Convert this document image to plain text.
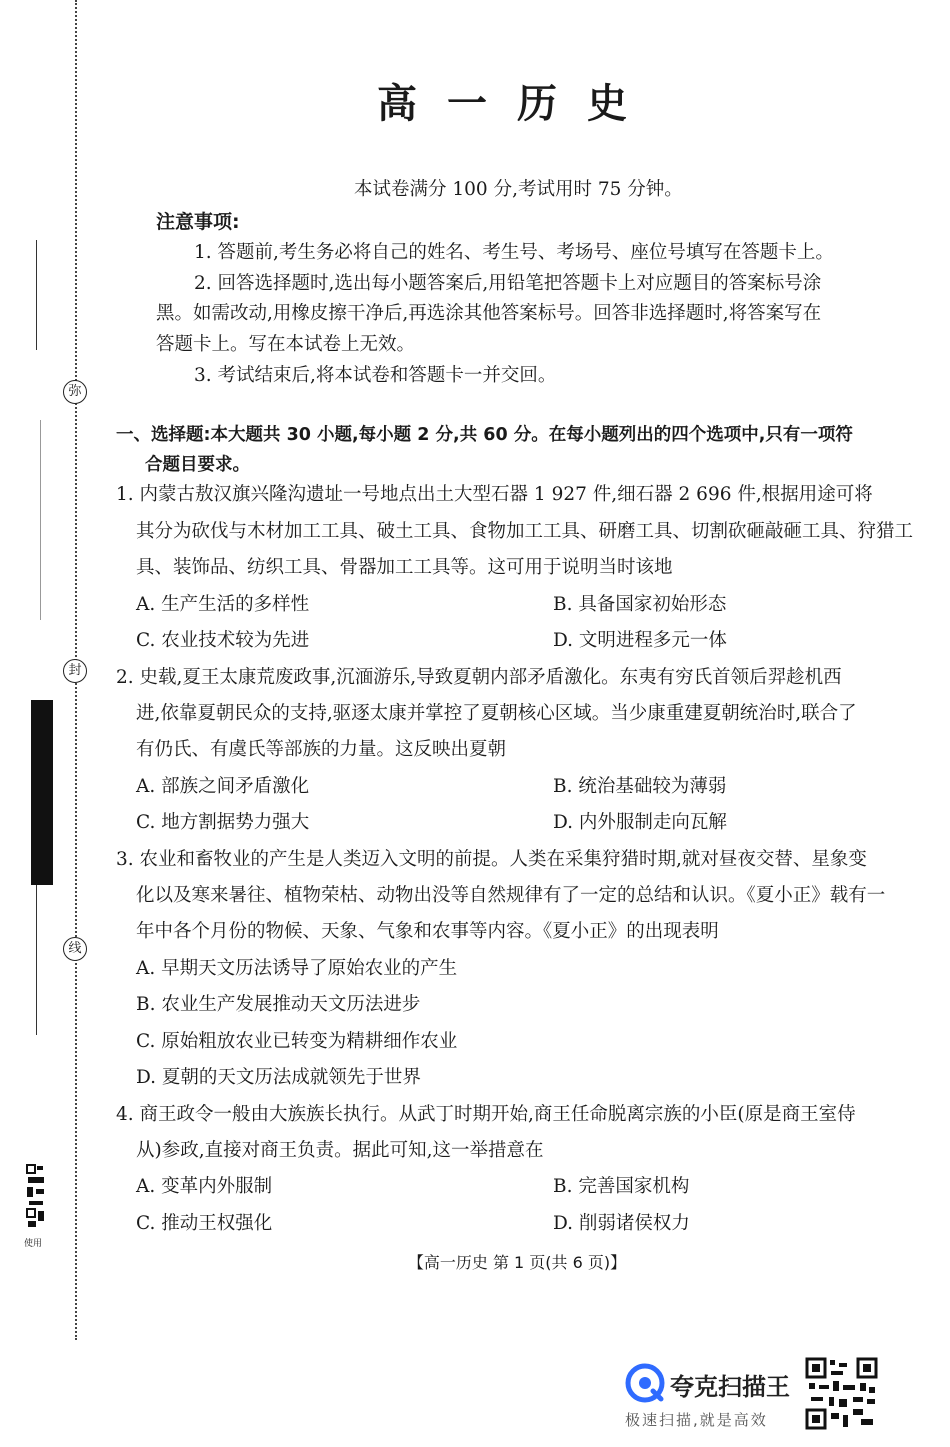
弥
封
线
使用
高一历史
本试卷满分 100 分,考试用时 75 分钟。
注意事项:
1. 答题前,考生务必将自己的姓名、考生号、考场号、座位号填写在答题卡上。
2. 回答选择题时,选出每小题答案后,用铅笔把答题卡上对应题目的答案标号涂
黑。如需改动,用橡皮擦干净后,再选涂其他答案标号。回答非选择题时,将答案写在
答题卡上。写在本试卷上无效。
3. 考试结束后,将本试卷和答题卡一并交回。
一、选择题:本大题共 30 小题,每小题 2 分,共 60 分。在每小题列出的四个选项中,只有一项符
合题目要求。
1. 内蒙古敖汉旗兴隆沟遗址一号地点出土大型石器 1 927 件,细石器 2 696 件,根据用途可将
其分为砍伐与木材加工工具、破土工具、食物加工工具、研磨工具、切割砍砸敲砸工具、狩猎工
具、装饰品、纺织工具、骨器加工工具等。这可用于说明当时该地
A. 生产生活的多样性	B. 具备国家初始形态
C. 农业技术较为先进	D. 文明进程多元一体
2. 史载,夏王太康荒废政事,沉湎游乐,导致夏朝内部矛盾激化。东夷有穷氏首领后羿趁机西
进,依靠夏朝民众的支持,驱逐太康并掌控了夏朝核心区域。当少康重建夏朝统治时,联合了
有仍氏、有虞氏等部族的力量。这反映出夏朝
A. 部族之间矛盾激化	B. 统治基础较为薄弱
C. 地方割据势力强大	D. 内外服制走向瓦解
3. 农业和畜牧业的产生是人类迈入文明的前提。人类在采集狩猎时期,就对昼夜交替、星象变
化以及寒来暑往、植物荣枯、动物出没等自然规律有了一定的总结和认识。《夏小正》载有一
年中各个月份的物候、天象、气象和农事等内容。《夏小正》的出现表明
A. 早期天文历法诱导了原始农业的产生
B. 农业生产发展推动天文历法进步
C. 原始粗放农业已转变为精耕细作农业
D. 夏朝的天文历法成就领先于世界
4. 商王政令一般由大族族长执行。从武丁时期开始,商王任命脱离宗族的小臣(原是商王室侍
从)参政,直接对商王负责。据此可知,这一举措意在
A. 变革内外服制	B. 完善国家机构
C. 推动王权强化	D. 削弱诸侯权力
【高一历史 第 1 页(共 6 页)】
夸克扫描王
极速扫描,就是高效
